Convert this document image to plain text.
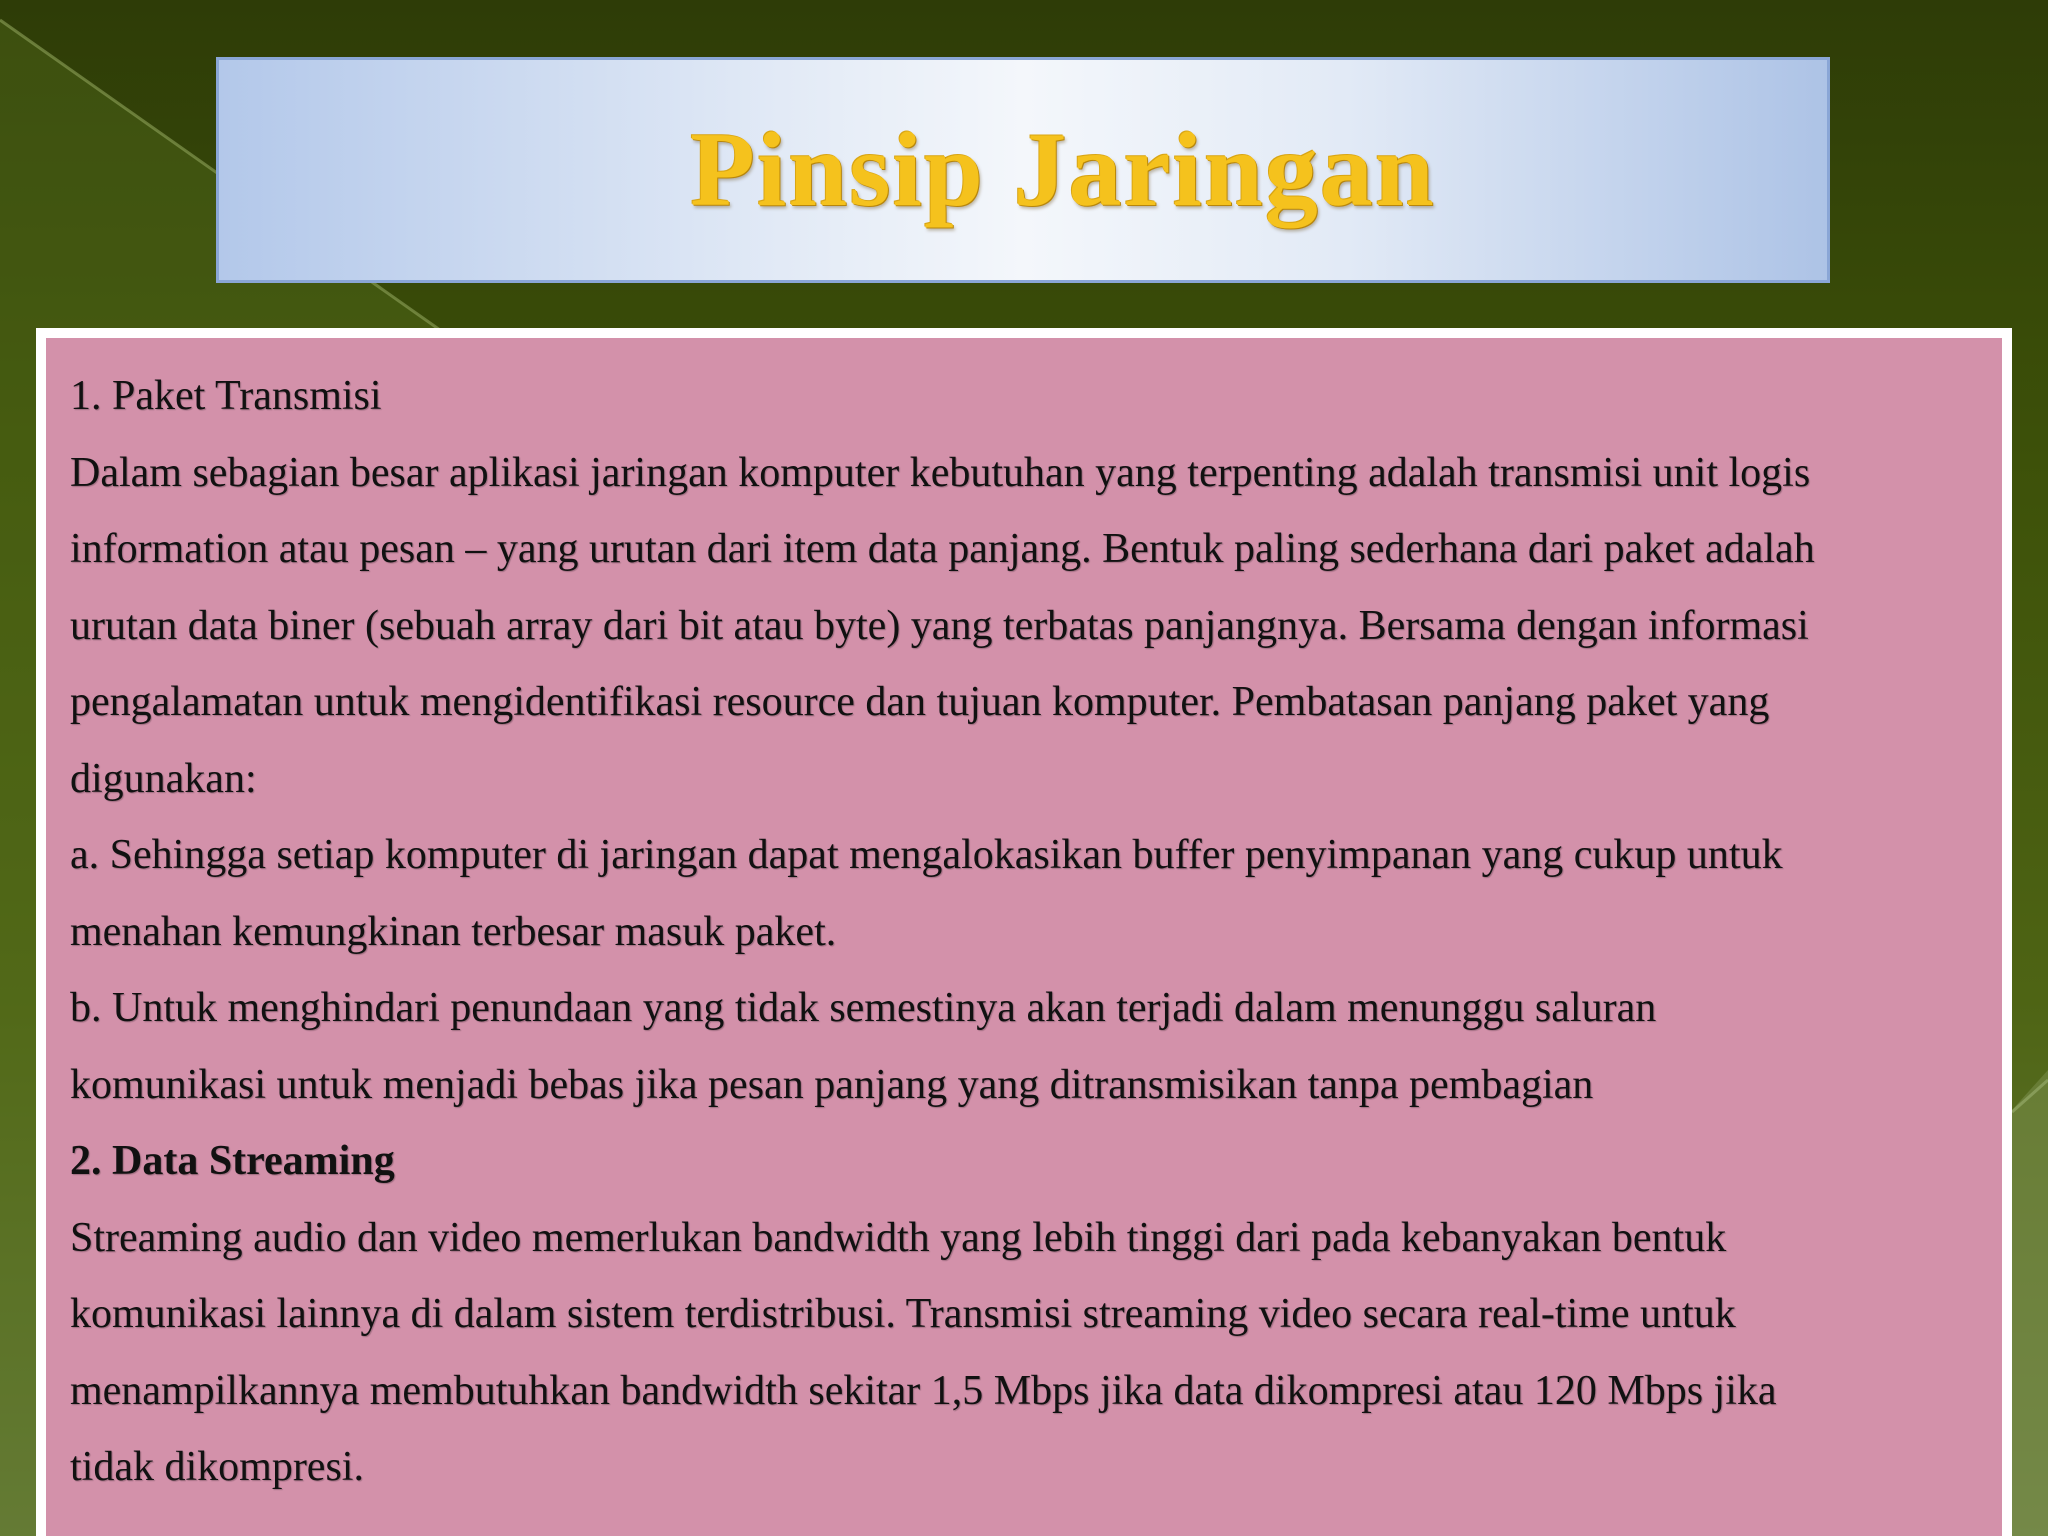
Pinsip Jaringan
1. Paket Transmisi
Dalam sebagian besar aplikasi jaringan komputer kebutuhan yang terpenting adalah transmisi unit logis
information atau pesan – yang urutan dari item data panjang. Bentuk paling sederhana dari paket adalah
urutan data biner (sebuah array dari bit atau byte) yang terbatas panjangnya. Bersama dengan informasi
pengalamatan untuk mengidentifikasi resource dan tujuan komputer. Pembatasan panjang paket yang
digunakan:
a. Sehingga setiap komputer di jaringan dapat mengalokasikan buffer penyimpanan yang cukup untuk
menahan kemungkinan terbesar masuk paket.
b. Untuk menghindari penundaan yang tidak semestinya akan terjadi dalam menunggu saluran
komunikasi untuk menjadi bebas jika pesan panjang yang ditransmisikan tanpa pembagian
2. Data Streaming
Streaming audio dan video memerlukan bandwidth yang lebih tinggi dari pada kebanyakan bentuk
komunikasi lainnya di dalam sistem terdistribusi. Transmisi streaming video secara real-time untuk
menampilkannya membutuhkan bandwidth sekitar 1,5 Mbps jika data dikompresi atau 120 Mbps jika
tidak dikompresi.
